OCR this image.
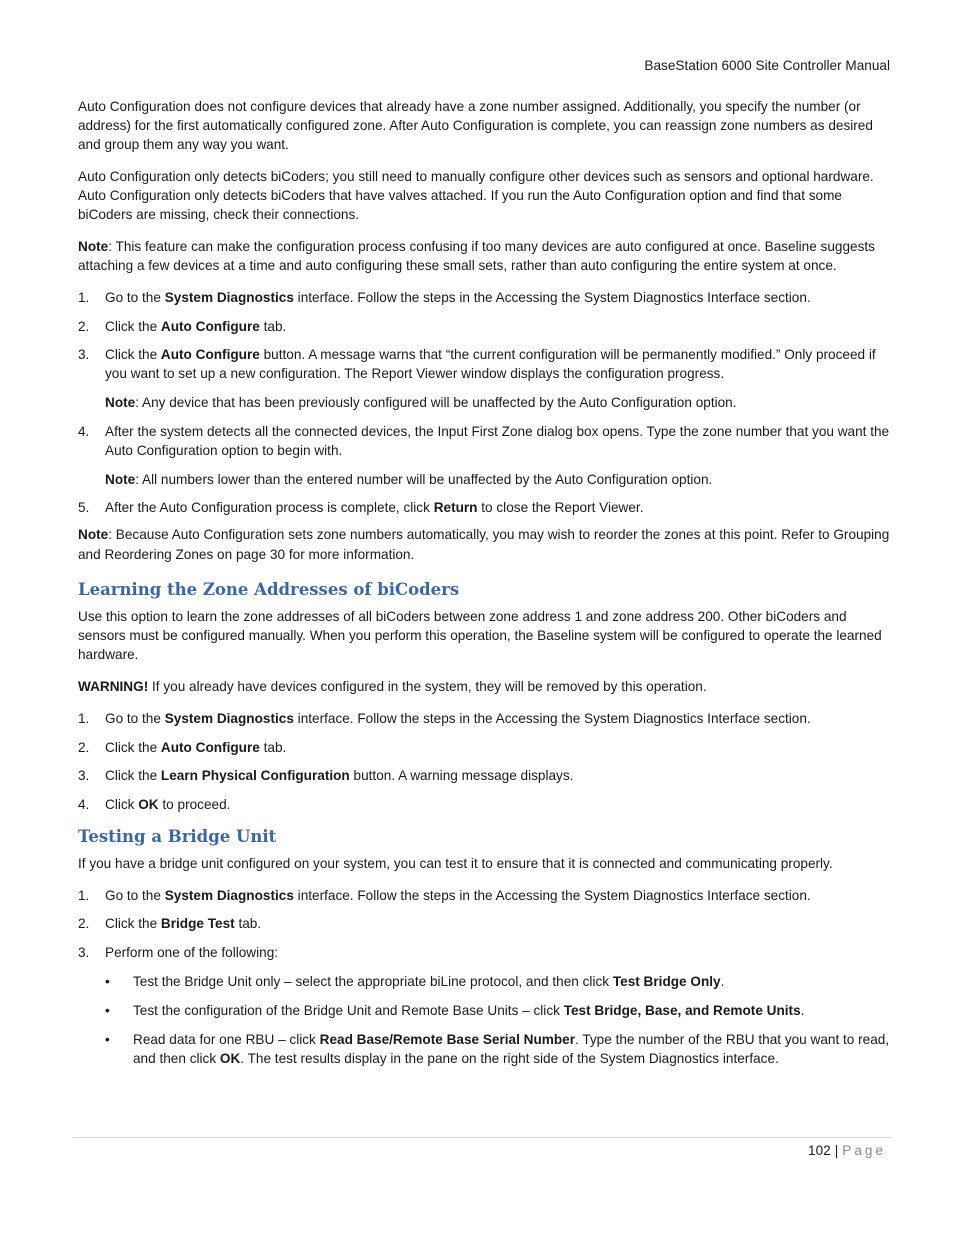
BaseStation 6000 Site Controller Manual

Auto Configuration does not configure devices that already have a zone number assigned. Additionally, you specify the number (or address) for the first automatically configured zone. After Auto Configuration is complete, you can reassign zone numbers as desired and group them any way you want.

Auto Configuration only detects biCoders; you still need to manually configure other devices such as sensors and optional hardware. Auto Configuration only detects biCoders that have valves attached. If you run the Auto Configuration option and find that some biCoders are missing, check their connections.

Note: This feature can make the configuration process confusing if too many devices are auto configured at once. Baseline suggests attaching a few devices at a time and auto configuring these small sets, rather than auto configuring the entire system at once.

1. Go to the System Diagnostics interface. Follow the steps in the Accessing the System Diagnostics Interface section.
2. Click the Auto Configure tab.
3. Click the Auto Configure button. A message warns that “the current configuration will be permanently modified.” Only proceed if you want to set up a new configuration. The Report Viewer window displays the configuration progress.

Note: Any device that has been previously configured will be unaffected by the Auto Configuration option.

4. After the system detects all the connected devices, the Input First Zone dialog box opens. Type the zone number that you want the Auto Configuration option to begin with.

Note: All numbers lower than the entered number will be unaffected by the Auto Configuration option.

5. After the Auto Configuration process is complete, click Return to close the Report Viewer.

Note: Because Auto Configuration sets zone numbers automatically, you may wish to reorder the zones at this point. Refer to Grouping and Reordering Zones on page 30 for more information.

Learning the Zone Addresses of biCoders

Use this option to learn the zone addresses of all biCoders between zone address 1 and zone address 200. Other biCoders and sensors must be configured manually. When you perform this operation, the Baseline system will be configured to operate the learned hardware.

WARNING! If you already have devices configured in the system, they will be removed by this operation.

1. Go to the System Diagnostics interface. Follow the steps in the Accessing the System Diagnostics Interface section.
2. Click the Auto Configure tab.
3. Click the Learn Physical Configuration button. A warning message displays.
4. Click OK to proceed.
Testing a Bridge Unit

If you have a bridge unit configured on your system, you can test it to ensure that it is connected and communicating properly.

1. Go to the System Diagnostics interface. Follow the steps in the Accessing the System Diagnostics Interface section.
2. Click the Bridge Test tab.
3. Perform one of the following:
• Test the Bridge Unit only – select the appropriate biLine protocol, and then click Test Bridge Only.
• Test the configuration of the Bridge Unit and Remote Base Units – click Test Bridge, Base, and Remote Units.
• Read data for one RBU – click Read Base/Remote Base Serial Number. Type the number of the RBU that you want to read, and then click OK. The test results display in the pane on the right side of the System Diagnostics interface.
102 | Page
